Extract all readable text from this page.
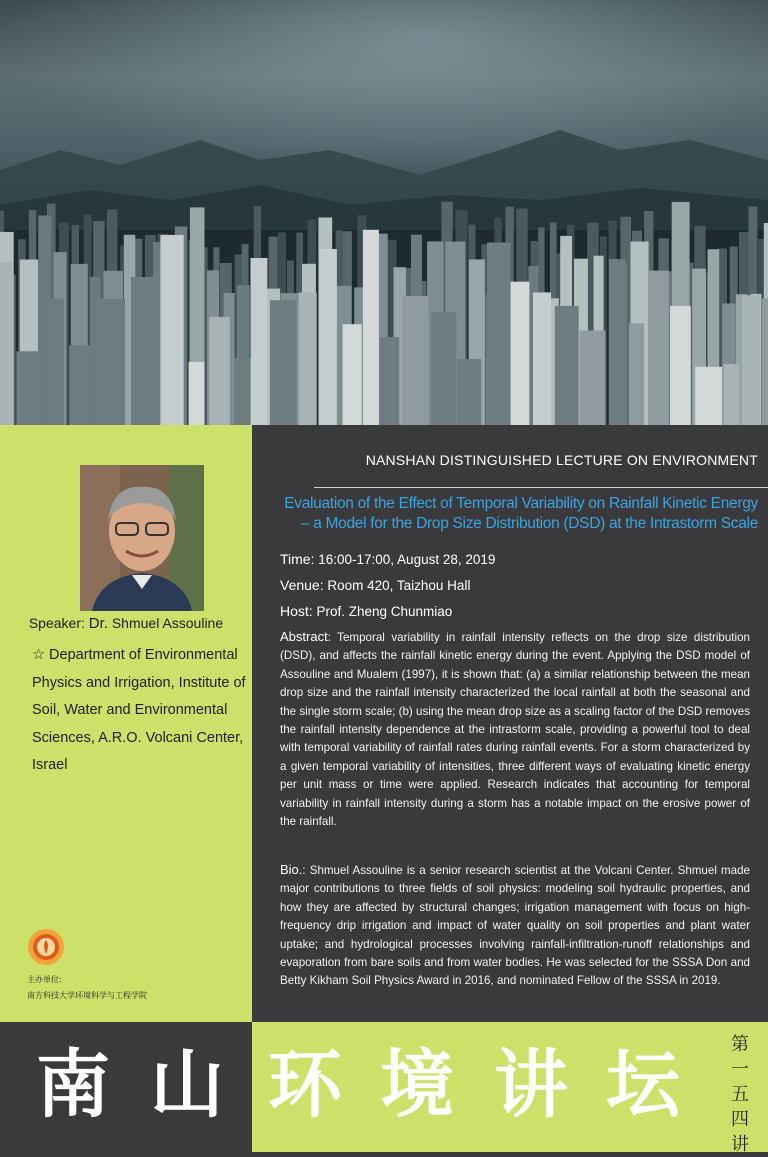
Speaker: Dr. Shmuel Assouline
☆ Department of Environmental Physics and Irrigation, Institute of Soil, Water and Environmental Sciences, A.R.O. Volcani Center, Israel
主办单位:
南方科技大学环境科学与工程学院
NANSHAN DISTINGUISHED LECTURE ON ENVIRONMENT
Evaluation of the Effect of Temporal Variability on Rainfall Kinetic Energy
– a Model for the Drop Size Distribution (DSD) at the Intrastorm Scale
Time: 16:00-17:00, August 28, 2019
Venue: Room 420, Taizhou Hall
Host: Prof. Zheng Chunmiao
Abstract: Temporal variability in rainfall intensity reflects on the drop size distribution (DSD), and affects the rainfall kinetic energy during the event. Applying the DSD model of Assouline and Mualem (1997), it is shown that: (a) a similar relationship between the mean drop size and the rainfall intensity characterized the local rainfall at both the seasonal and the single storm scale; (b) using the mean drop size as a scaling factor of the DSD removes the rainfall intensity dependence at the intrastorm scale, providing a powerful tool to deal with temporal variability of rainfall rates during rainfall events. For a storm characterized by a given temporal variability of intensities, three different ways of evaluating kinetic energy per unit mass or time were applied. Research indicates that accounting for temporal variability in rainfall intensity during a storm has a notable impact on the erosive power of the rainfall.
Bio.: Shmuel Assouline is a senior research scientist at the Volcani Center. Shmuel made major contributions to three fields of soil physics: modeling soil hydraulic properties, and how they are affected by structural changes; irrigation management with focus on high-frequency drip irrigation and impact of water quality on soil properties and plant water uptake; and hydrological processes involving rainfall-infiltration-runoff relationships and evaporation from bare soils and from water bodies. He was selected for the SSSA Don and Betty Kikham Soil Physics Award in 2016, and nominated Fellow of the SSSA in 2019.
南 山 环 境 讲 坛	第一五四讲
